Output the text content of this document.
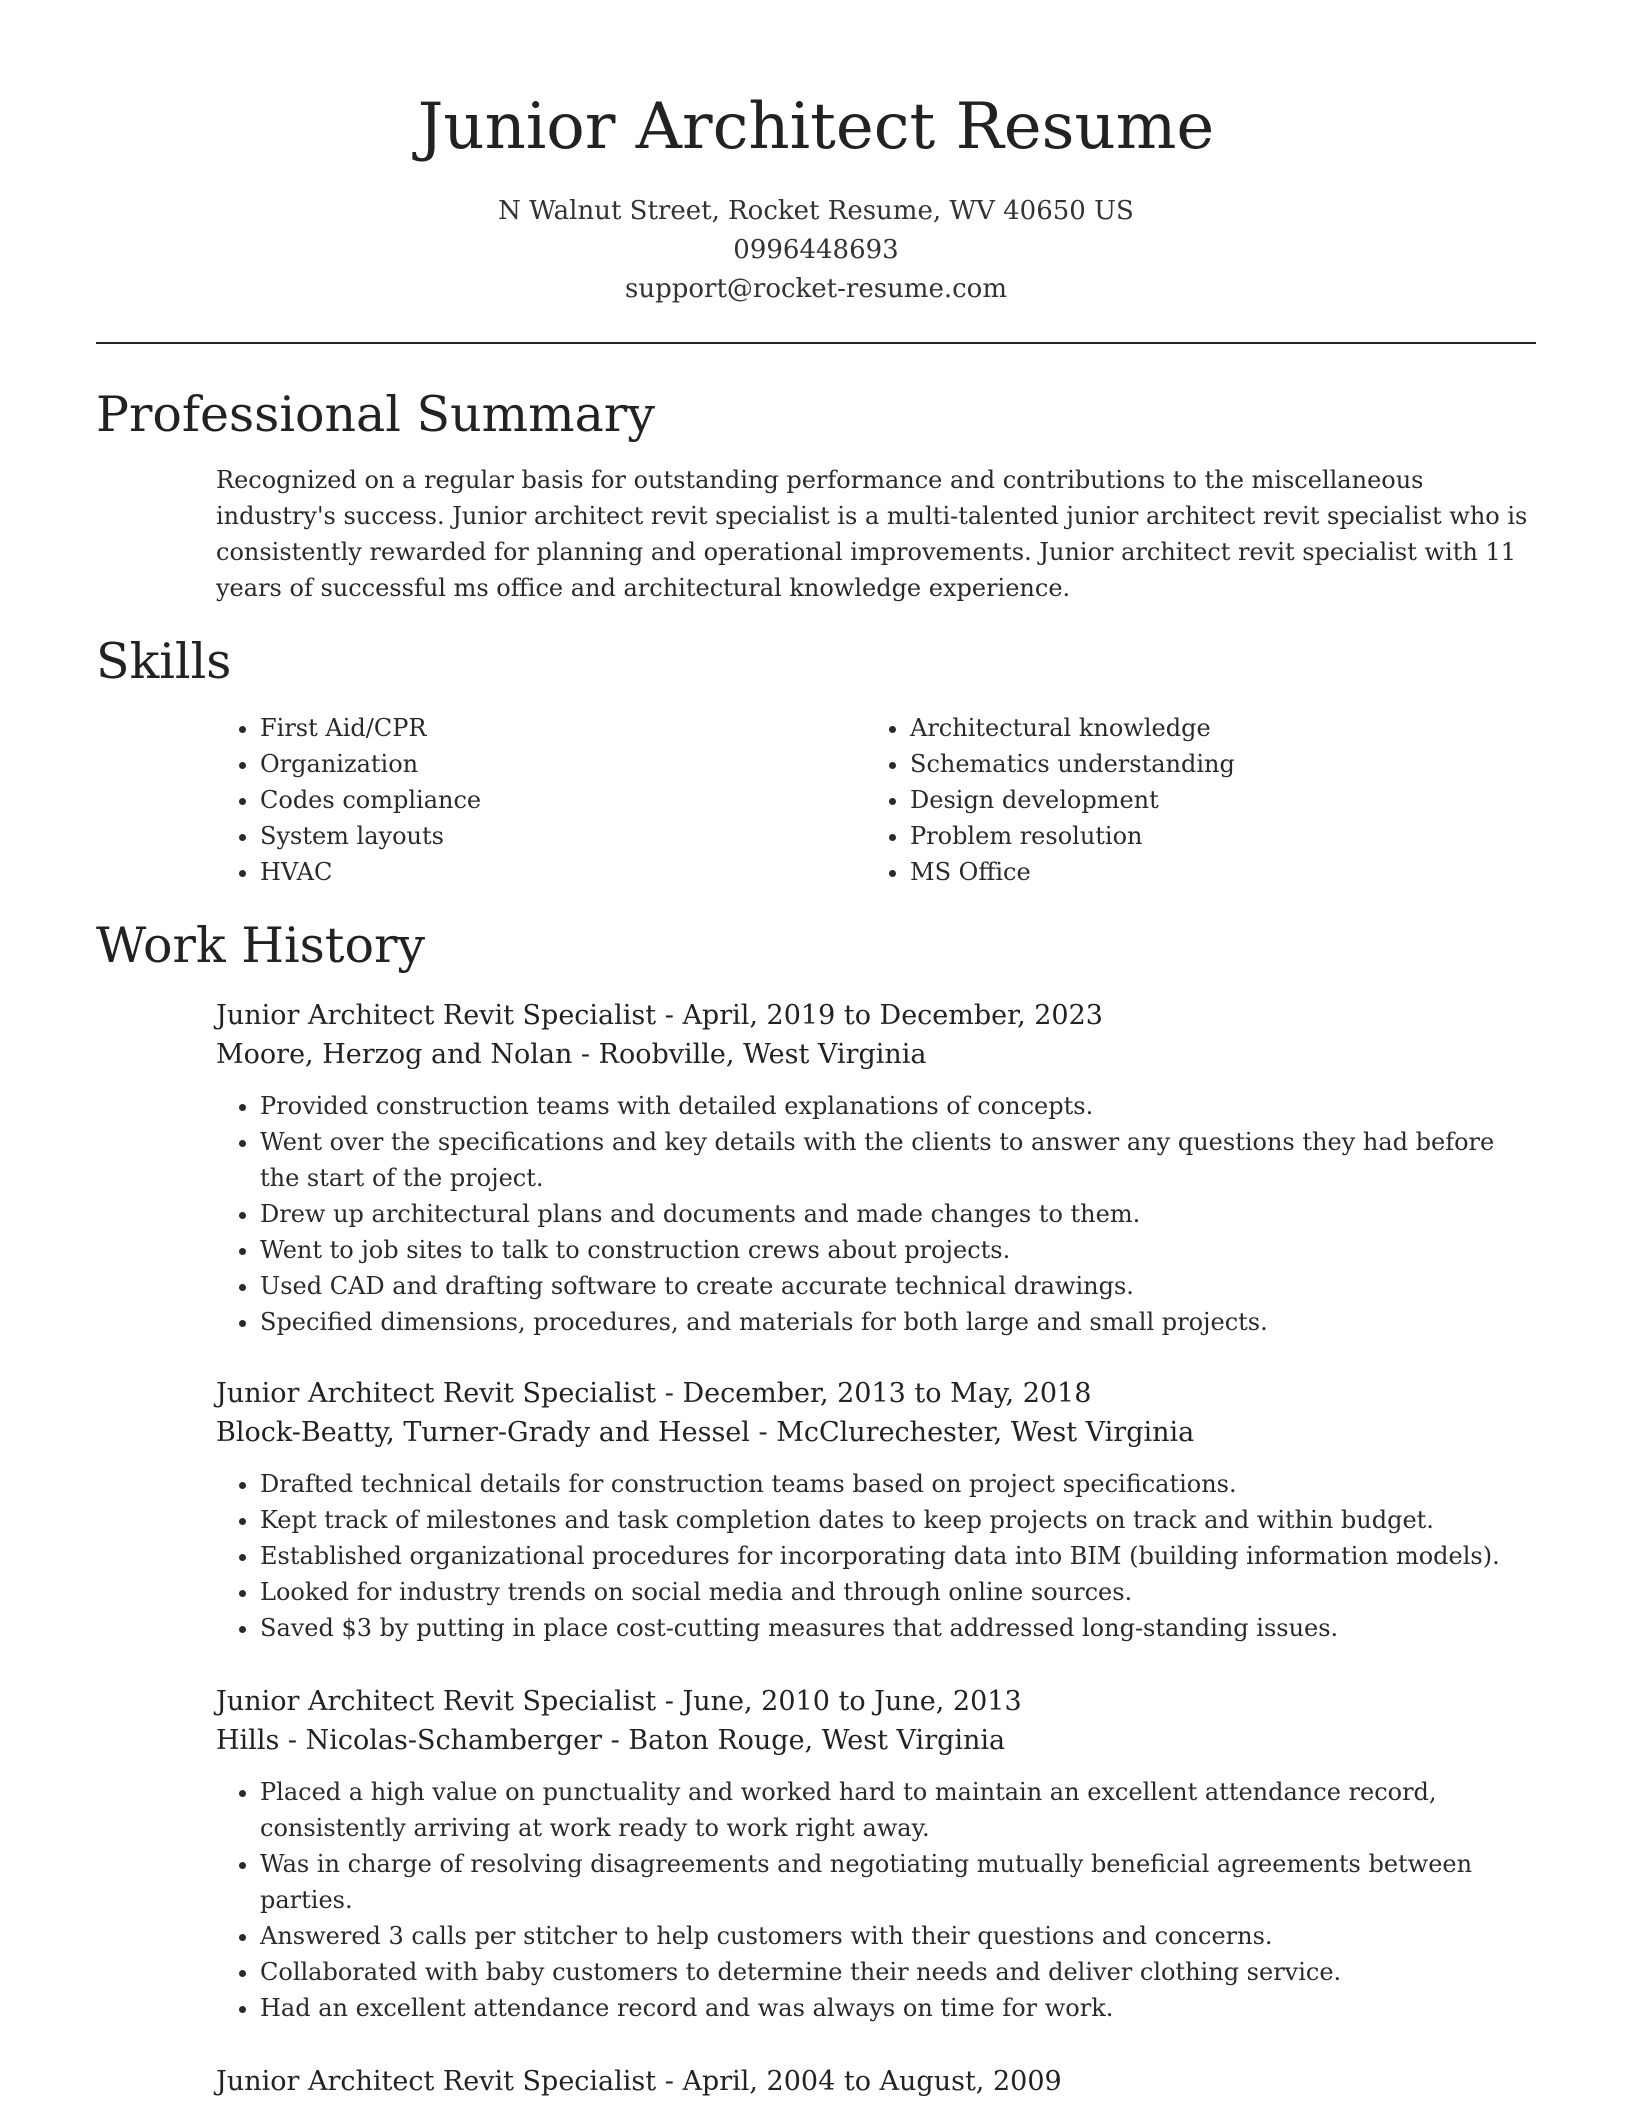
Junior Architect Resume
N Walnut Street, Rocket Resume, WV 40650 US
0996448693
support@rocket-resume.com
Professional Summary

Recognized on a regular basis for outstanding performance and contributions to the miscellaneous industry's success. Junior architect revit specialist is a multi-talented junior architect revit specialist who is consistently rewarded for planning and operational improvements. Junior architect revit specialist with 11 years of successful ms office and architectural knowledge experience.

Skills
• First Aid/CPR
• Organization
• Codes compliance
• System layouts
• HVAC
• Architectural knowledge
• Schematics understanding
• Design development
• Problem resolution
• MS Office
Work History

Junior Architect Revit Specialist - April, 2019 to December, 2023

Moore, Herzog and Nolan - Roobville, West Virginia

• Provided construction teams with detailed explanations of concepts.
• Went over the specifications and key details with the clients to answer any questions they had before the start of the project.
• Drew up architectural plans and documents and made changes to them.
• Went to job sites to talk to construction crews about projects.
• Used CAD and drafting software to create accurate technical drawings.
• Specified dimensions, procedures, and materials for both large and small projects.

Junior Architect Revit Specialist - December, 2013 to May, 2018

Block-Beatty, Turner-Grady and Hessel - McClurechester, West Virginia

• Drafted technical details for construction teams based on project specifications.
• Kept track of milestones and task completion dates to keep projects on track and within budget.
• Established organizational procedures for incorporating data into BIM (building information models).
• Looked for industry trends on social media and through online sources.
• Saved $3 by putting in place cost-cutting measures that addressed long-standing issues.

Junior Architect Revit Specialist - June, 2010 to June, 2013

Hills - Nicolas-Schamberger - Baton Rouge, West Virginia

• Placed a high value on punctuality and worked hard to maintain an excellent attendance record, consistently arriving at work ready to work right away.
• Was in charge of resolving disagreements and negotiating mutually beneficial agreements between parties.
• Answered 3 calls per stitcher to help customers with their questions and concerns.
• Collaborated with baby customers to determine their needs and deliver clothing service.
• Had an excellent attendance record and was always on time for work.

Junior Architect Revit Specialist - April, 2004 to August, 2009
